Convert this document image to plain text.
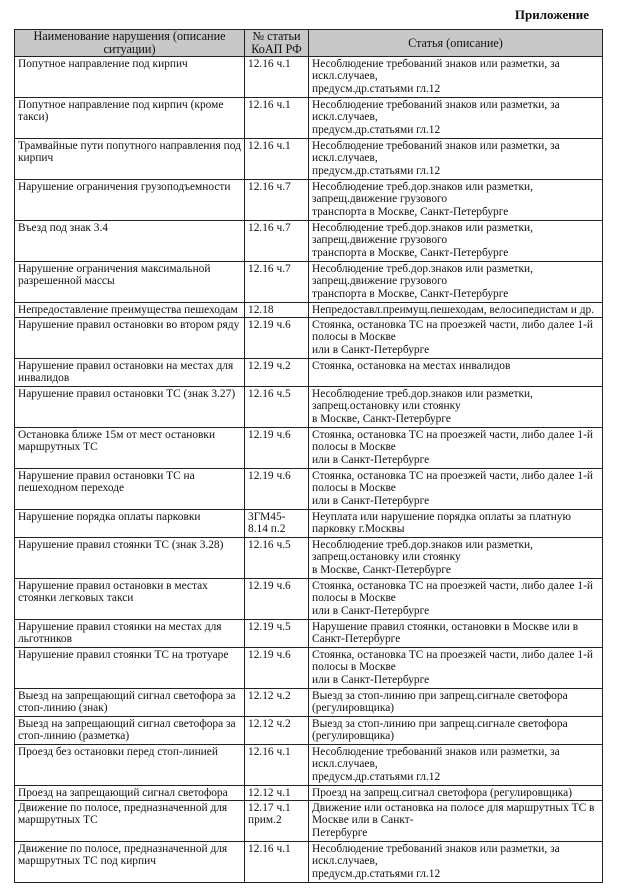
Приложение
Наименование нарушения (описание ситуации)	№ статьи КоАП РФ	Статья (описание)
Попутное направление под кирпич	12.16 ч.1	Несоблюдение требований знаков или разметки, за искл.случаев,
предусм.др.статьями гл.12
Попутное направление под кирпич (кроме такси)	12.16 ч.1	Несоблюдение требований знаков или разметки, за искл.случаев,
предусм.др.статьями гл.12
Трамвайные пути попутного направления под кирпич	12.16 ч.1	Несоблюдение требований знаков или разметки, за искл.случаев,
предусм.др.статьями гл.12
Нарушение ограничения грузоподъемности	12.16 ч.7	Несоблюдение треб.дор.знаков или разметки, запрещ.движение грузового
транспорта в Москве, Санкт-Петербурге
Въезд под знак 3.4	12.16 ч.7	Несоблюдение треб.дор.знаков или разметки, запрещ.движение грузового
транспорта в Москве, Санкт-Петербурге
Нарушение ограничения максимальной разрешенной массы	12.16 ч.7	Несоблюдение треб.дор.знаков или разметки, запрещ.движение грузового
транспорта в Москве, Санкт-Петербурге
Непредоставление преимущества пешеходам	12.18	Непредоставл.преимущ.пешеходам, велосипедистам и др.
Нарушение правил остановки во втором ряду	12.19 ч.6	Стоянка, остановка ТС на проезжей части, либо далее 1-й полосы в Москве
или в Санкт-Петербурге
Нарушение правил остановки на местах для инвалидов	12.19 ч.2	Стоянка, остановка на местах инвалидов
Нарушение правил остановки ТС (знак 3.27)	12.16 ч.5	Несоблюдение треб.дор.знаков или разметки, запрещ.остановку или стоянку
в Москве, Санкт-Петербурге
Остановка ближе 15м от мест остановки маршрутных ТС	12.19 ч.6	Стоянка, остановка ТС на проезжей части, либо далее 1-й полосы в Москве
или в Санкт-Петербурге
Нарушение правил остановки ТС на пешеходном переходе	12.19 ч.6	Стоянка, остановка ТС на проезжей части, либо далее 1-й полосы в Москве
или в Санкт-Петербурге
Нарушение порядка оплаты парковки	3ГМ45-8.14 п.2	Неуплата или нарушение порядка оплаты за платную парковку г.Москвы
Нарушение правил стоянки ТС (знак 3.28)	12.16 ч.5	Несоблюдение треб.дор.знаков или разметки, запрещ.остановку или стоянку
в Москве, Санкт-Петербурге
Нарушение правил остановки в местах стоянки легковых такси	12.19 ч.6	Стоянка, остановка ТС на проезжей части, либо далее 1-й полосы в Москве
или в Санкт-Петербурге
Нарушение правил стоянки на местах для льготников	12.19 ч.5	Нарушение правил стоянки, остановки в Москве или в Санкт-Петербурге
Нарушение правил стоянки ТС на тротуаре	12.19 ч.6	Стоянка, остановка ТС на проезжей части, либо далее 1-й полосы в Москве
или в Санкт-Петербурге
Выезд на запрещающий сигнал светофора за стоп-линию (знак)	12.12 ч.2	Выезд за стоп-линию при запрещ.сигнале светофора (регулировщика)
Выезд на запрещающий сигнал светофора за стоп-линию (разметка)	12.12 ч.2	Выезд за стоп-линию при запрещ.сигнале светофора (регулировщика)
Проезд без остановки перед стоп-линией	12.16 ч.1	Несоблюдение требований знаков или разметки, за искл.случаев,
предусм.др.статьями гл.12
Проезд на запрещающий сигнал светофора	12.12 ч.1	Проезд на запрещ.сигнал светофора (регулировщика)
Движение по полосе, предназначенной для маршрутных ТС	12.17 ч.1 прим.2	Движение или остановка на полосе для маршрутных ТС в Москве или в Санкт-
Петербурге
Движение по полосе, предназначенной для маршрутных ТС под кирпич	12.16 ч.1	Несоблюдение требований знаков или разметки, за искл.случаев,
предусм.др.статьями гл.12
